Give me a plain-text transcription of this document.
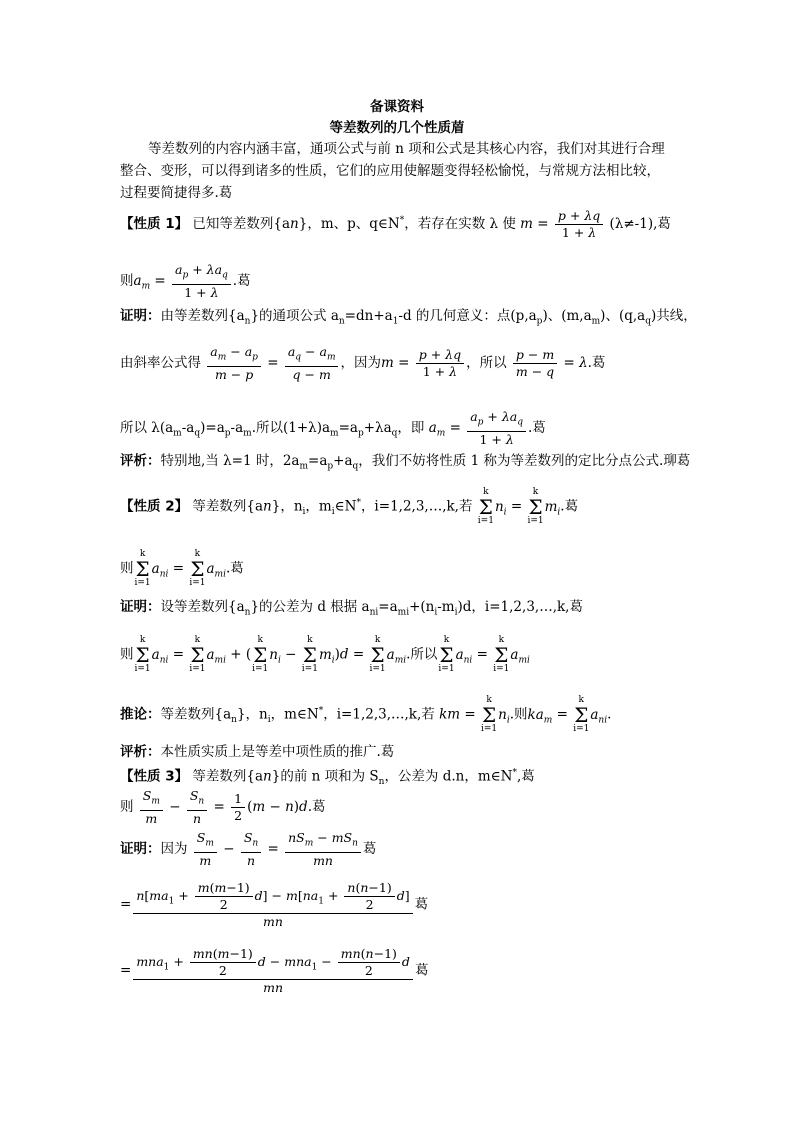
备课资料
等差数列的几个性质葿
等差数列的内容内涵丰富，通项公式与前 n 项和公式是其核心内容，我们对其进行合理
整合、变形，可以得到诸多的性质，它们的应用使解题变得轻松愉悦，与常规方法相比较，
过程要简捷得多.葛
【性质 1】 已知等差数列{an}，m、p、q∈N*，若存在实数 λ 使 $m = \frac{p + \lambda q}{1 + \lambda} (\lambda\ne-1)$,葛
则$a_m = \frac{a_p + \lambda a_q}{1 + \lambda}$ .葛
证明：由等差数列$\{a_n\}$的通项公式 $a_n=dn+a_1-d$ 的几何意义：点$(p,a_p)$、$(m,a_m)$、$(q,a_q)$共线，
由斜率公式得 $\frac{a_m - a_p}{m - p} = \frac{a_q - a_m}{q - m}$ ，因为$m = \frac{p + \lambda q}{1 + \lambda}$ ，所以 $\frac{p - m}{m - q} = \lambda$.葛
所以 $\lambda(a_m-a_q)=a_p-a_m$.所以$(1+\lambda)a_m=a_p+\lambda a_q$，即 $a_m = \frac{a_p + \lambda a_q}{1 + \lambda}$ .葛
评析：特别地,当 λ=1 时，$2a_m=a_p+a_q$，我们不妨将性质 1 称为等差数列的定比分点公式.珋葛
【性质 2】 等差数列{an}，$n_i$，$m_i\in N^*$，i=1,2,3,…,k,若 k
Σ
$i=1n_i = k$
Σ
$i=1m_i$.葛
则k
Σ
$i=1a_{ni} = k$
Σ
$i=1a_{mi}$.葛
证明：设等差数列$\{a_n\}$的公差为 d 根据 $a_{ni}=a_{mi}+(n_i-m_i)d$，i=1,2,3,…,k,葛
则k
Σ
$i=1a_{ni} = k$
Σ
$i=1a_{mi} + (k$
Σ
$i=1n_i - k$
Σ
$i=1m_i)d = k$
Σ
$i=1a_{mi}$.所以k
Σ
$i=1a_{ni} = k$
Σ
$i=1a_{mi}$
推论：等差数列$\{a_n\}$，$n_i$，m∈N*，i=1,2,3,…,k,若 km = k
Σ
$i=1n_i$.则$ka_m = k$
Σ
$i=1a_{ni}$.
评析：本性质实质上是等差中项性质的推广.葛
【性质 3】 等差数列{an}的前 n 项和为 $S_n$，公差为 d.n，m∈N*,葛
则 $\frac{S_m}{m} - \frac{S_n}{n} = \frac{1}{2} (m - n)d$.葛
证明：因为 $\frac{S_m}{m} - \frac{S_n}{n} = \frac{nS_m - mS_n}{mn}$ 葛
= $\frac{n[ma_1 + \frac{m(m-1)}{2} d] - m[na_1 + \frac{n(n-1)}{2} d]}{mn}$ 葛
= $\frac{mna_1 + \frac{mn(m-1)}{2} d - mna_1 - \frac{mn(n-1)}{2} d}{mn}$ 葛
